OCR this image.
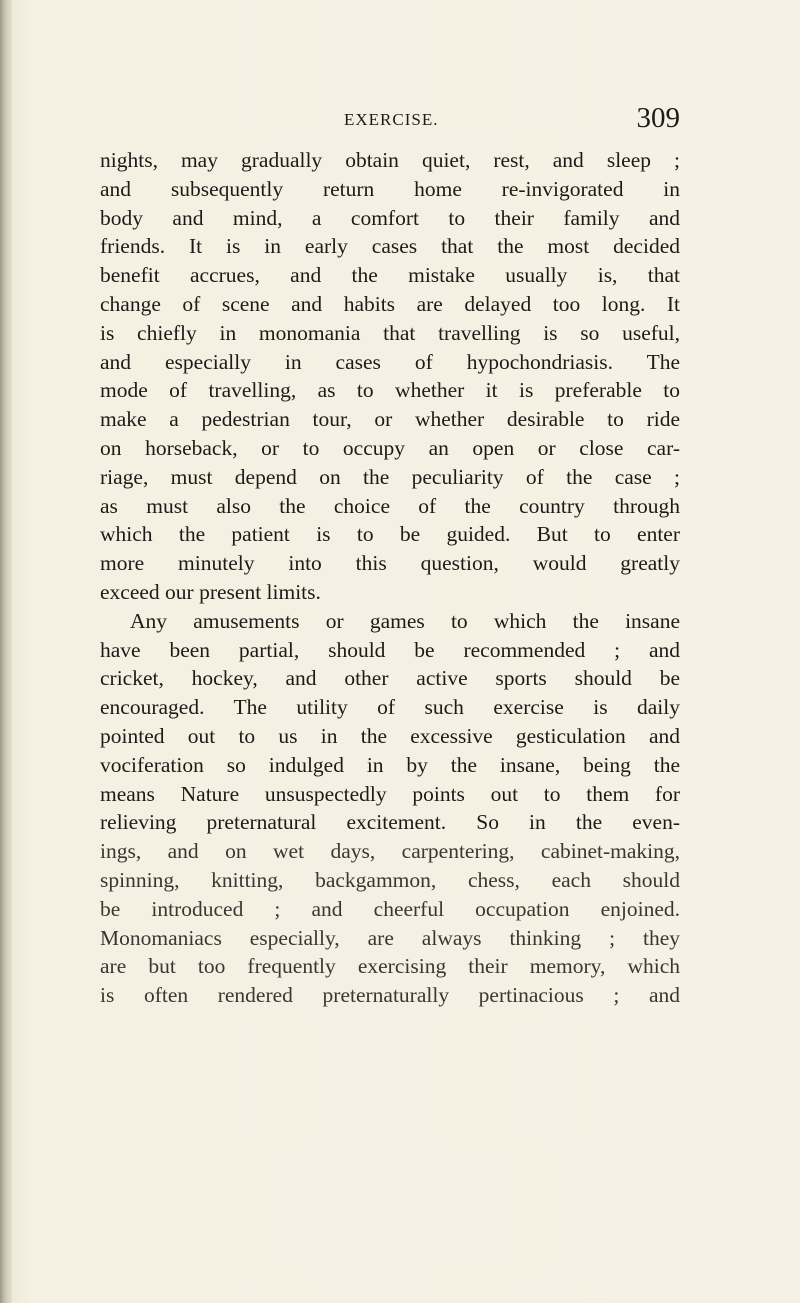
EXERCISE.	309
nights, may gradually obtain quiet, rest, and sleep ;
and subsequently return home re-invigorated in
body and mind, a comfort to their family and
friends. It is in early cases that the most decided
benefit accrues, and the mistake usually is, that
change of scene and habits are delayed too long. It
is chiefly in monomania that travelling is so useful,
and especially in cases of hypochondriasis. The
mode of travelling, as to whether it is preferable to
make a pedestrian tour, or whether desirable to ride
on horseback, or to occupy an open or close car-
riage, must depend on the peculiarity of the case ;
as must also the choice of the country through
which the patient is to be guided. But to enter
more minutely into this question, would greatly
exceed our present limits.
Any amusements or games to which the insane
have been partial, should be recommended ; and
cricket, hockey, and other active sports should be
encouraged. The utility of such exercise is daily
pointed out to us in the excessive gesticulation and
vociferation so indulged in by the insane, being the
means Nature unsuspectedly points out to them for
relieving preternatural excitement. So in the even-
ings, and on wet days, carpentering, cabinet-making,
spinning, knitting, backgammon, chess, each should
be introduced ; and cheerful occupation enjoined.
Monomaniacs especially, are always thinking ; they
are but too frequently exercising their memory, which
is often rendered preternaturally pertinacious ; and
